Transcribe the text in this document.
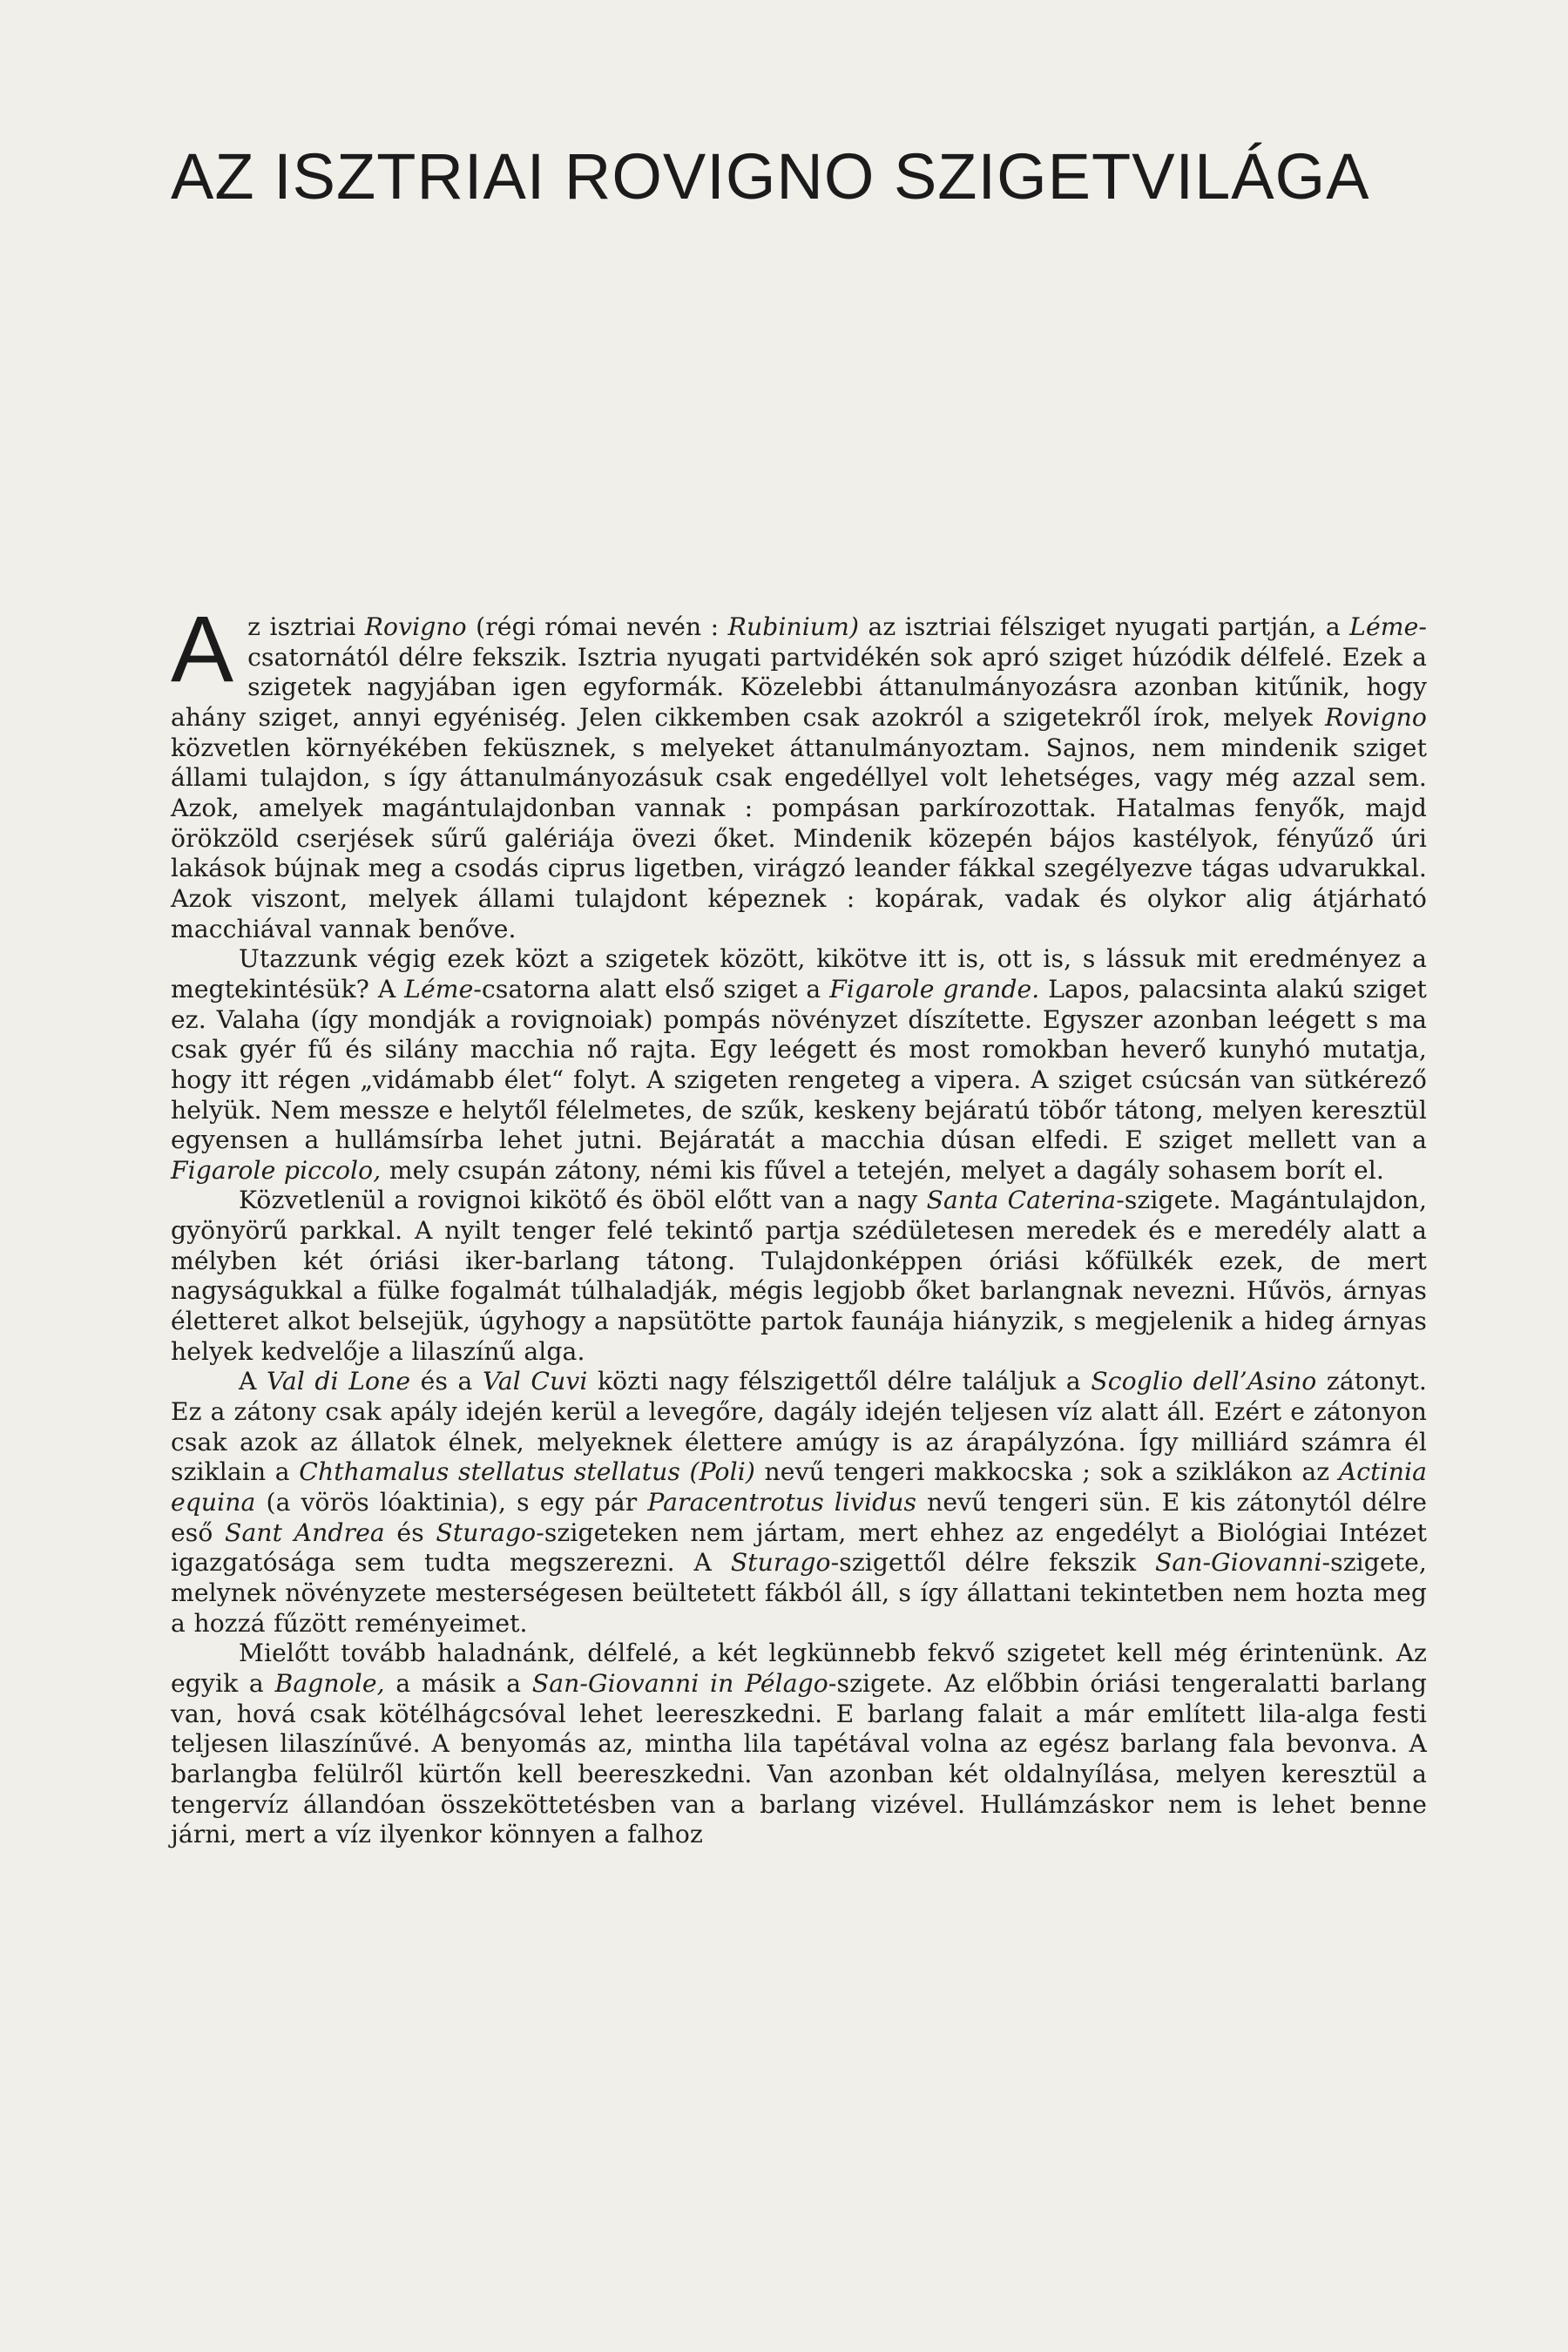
AZ ISZTRIAI ROVIGNO SZIGETVILÁGA

Az isztriai Rovigno (régi római nevén : Rubinium) az isztriai félsziget nyugati partján, a Léme-csatornától délre fekszik. Isztria nyugati partvidékén sok apró sziget húzódik délfelé. Ezek a szigetek nagyjában igen egyformák. Közelebbi áttanulmányozásra azonban kitűnik, hogy ahány sziget, annyi egyéniség. Jelen cikkemben csak azokról a szigetekről írok, melyek Rovigno közvetlen környékében feküsznek, s melyeket áttanulmányoztam. Sajnos, nem mindenik sziget állami tulajdon, s így áttanulmányozásuk csak engedéllyel volt lehetséges, vagy még azzal sem. Azok, amelyek magántulajdonban vannak : pompásan parkírozottak. Hatalmas fenyők, majd örökzöld cserjések sűrű galériája övezi őket. Mindenik közepén bájos kastélyok, fényűző úri lakások bújnak meg a csodás ciprus ligetben, virágzó leander fákkal szegélyezve tágas udvarukkal. Azok viszont, melyek állami tulajdont képeznek : kopárak, vadak és olykor alig átjárható macchiával vannak benőve.

Utazzunk végig ezek közt a szigetek között, kikötve itt is, ott is, s lássuk mit eredményez a megtekintésük? A Léme-csatorna alatt első sziget a Figarole grande. Lapos, palacsinta alakú sziget ez. Valaha (így mondják a rovignoiak) pompás növényzet díszítette. Egyszer azonban leégett s ma csak gyér fű és silány macchia nő rajta. Egy leégett és most romokban heverő kunyhó mutatja, hogy itt régen „vidámabb élet“ folyt. A szigeten rengeteg a vipera. A sziget csúcsán van sütkérező helyük. Nem messze e helytől félelmetes, de szűk, keskeny bejáratú töbőr tátong, melyen keresztül egyensen a hullámsírba lehet jutni. Bejáratát a macchia dúsan elfedi. E sziget mellett van a Figarole piccolo, mely csupán zátony, némi kis fűvel a tetején, melyet a dagály sohasem borít el.

Közvetlenül a rovignoi kikötő és öböl előtt van a nagy Santa Caterina-szigete. Magántulajdon, gyönyörű parkkal. A nyilt tenger felé tekintő partja szédületesen meredek és e meredély alatt a mélyben két óriási iker-barlang tátong. Tulajdonképpen óriási kőfülkék ezek, de mert nagyságukkal a fülke fogalmát túlhaladják, mégis legjobb őket barlangnak nevezni. Hűvös, árnyas életteret alkot belsejük, úgyhogy a napsütötte partok faunája hiányzik, s megjelenik a hideg árnyas helyek kedvelője a lilaszínű alga.

A Val di Lone és a Val Cuvi közti nagy félszigettől délre találjuk a Scoglio dell’Asino zátonyt. Ez a zátony csak apály idején kerül a levegőre, dagály idején teljesen víz alatt áll. Ezért e zátonyon csak azok az állatok élnek, melyeknek élettere amúgy is az árapályzóna. Így milliárd számra él sziklain a Chthamalus stellatus stellatus (Poli) nevű tengeri makkocska ; sok a sziklákon az Actinia equina (a vörös lóaktinia), s egy pár Paracentrotus lividus nevű tengeri sün. E kis zátonytól délre eső Sant Andrea és Sturago-szigeteken nem jártam, mert ehhez az engedélyt a Biológiai Intézet igazgatósága sem tudta megszerezni. A Sturago-szigettől délre fekszik San-Giovanni-szigete, melynek növényzete mesterségesen beültetett fákból áll, s így állattani tekintetben nem hozta meg a hozzá fűzött reményeimet.

Mielőtt tovább haladnánk, délfelé, a két legkünnebb fekvő szigetet kell még érintenünk. Az egyik a Bagnole, a másik a San-Giovanni in Pélago-szigete. Az előbbin óriási tengeralatti barlang van, hová csak kötélhágcsóval lehet leereszkedni. E barlang falait a már említett lila-alga festi teljesen lilaszínűvé. A benyomás az, mintha lila tapétával volna az egész barlang fala bevonva. A barlangba felülről kürtőn kell beereszkedni. Van azonban két oldalnyílása, melyen keresztül a tengervíz állandóan összeköttetésben van a barlang vizével. Hullámzáskor nem is lehet benne járni, mert a víz ilyenkor könnyen a falhoz
